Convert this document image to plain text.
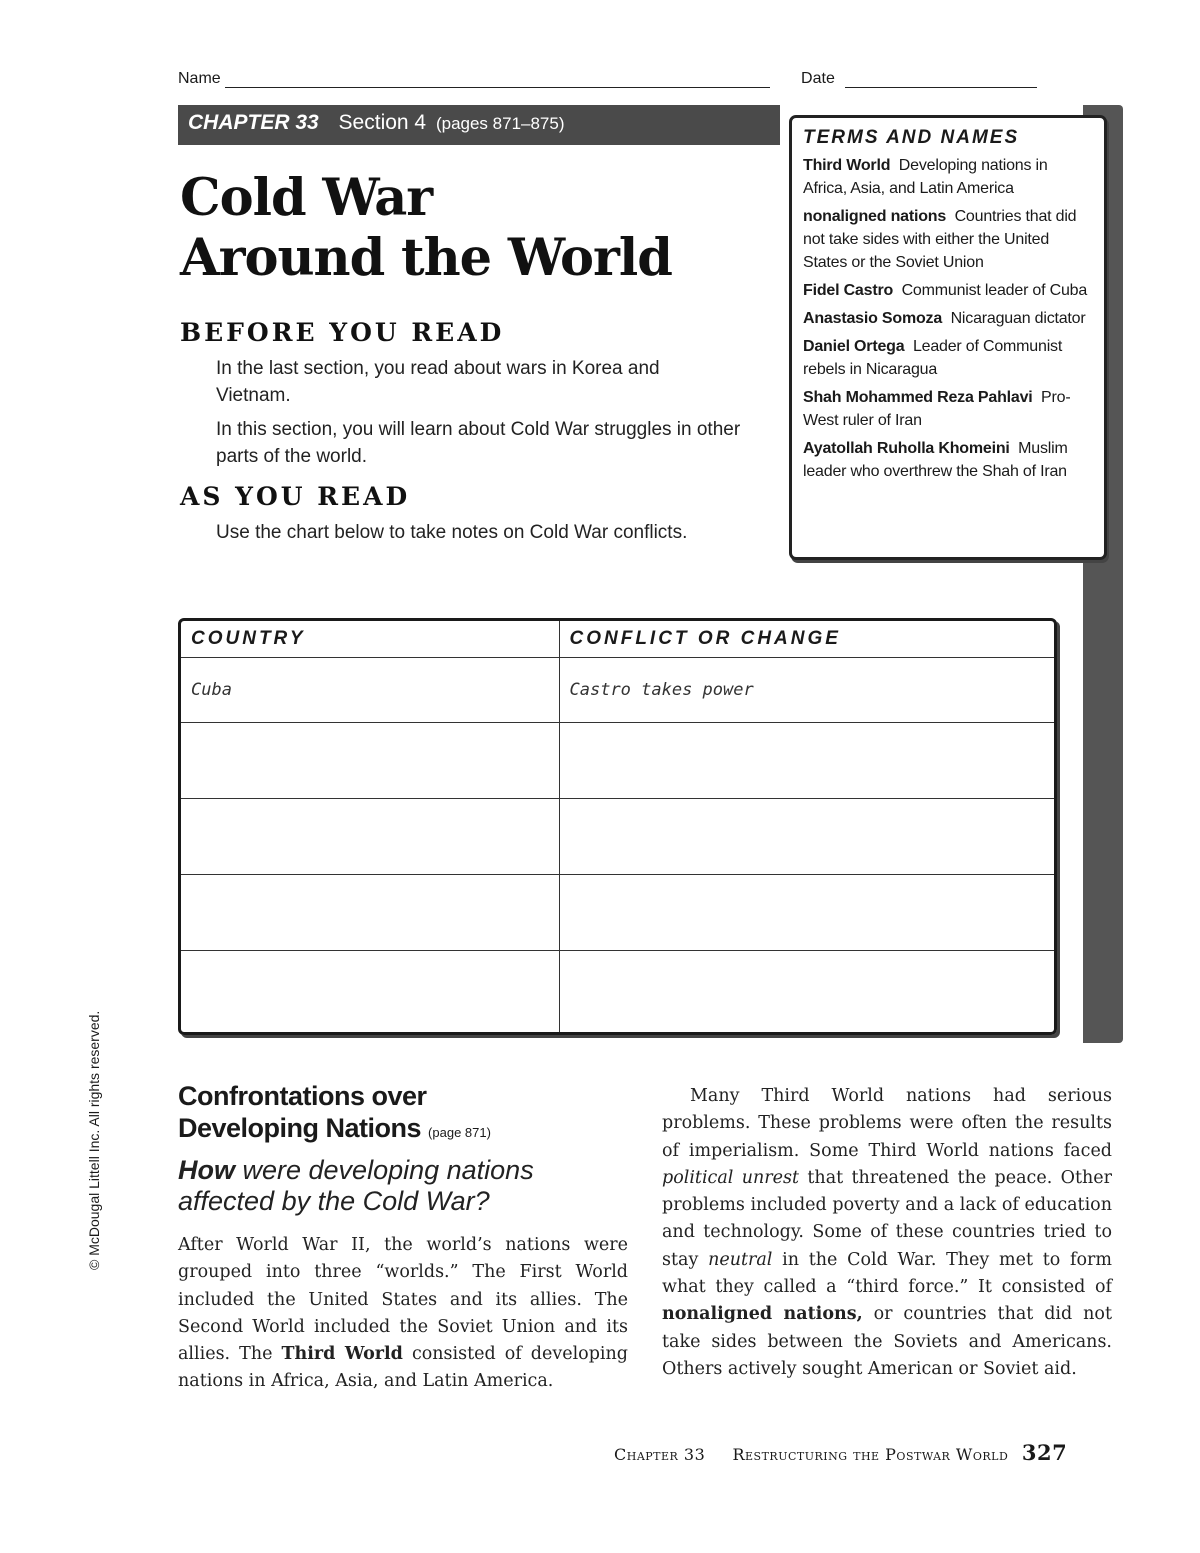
Name	Date
CHAPTER 33 Section 4 (pages 871–875)
Cold War
Around the World
BEFORE YOU READ
In the last section, you read about wars in Korea and Vietnam.
In this section, you will learn about Cold War struggles in other parts of the world.
AS YOU READ
Use the chart below to take notes on Cold War conflicts.
TERMS AND NAMES
Third World Developing nations in Africa, Asia, and Latin America
nonaligned nations Countries that did not take sides with either the United States or the Soviet Union
Fidel Castro Communist leader of Cuba
Anastasio Somoza Nicaraguan dictator
Daniel Ortega Leader of Communist rebels in Nicaragua
Shah Mohammed Reza Pahlavi Pro-West ruler of Iran
Ayatollah Ruholla Khomeini Muslim leader who overthrew the Shah of Iran
COUNTRY	CONFLICT OR CHANGE
Cuba	Castro takes power

© McDougal Littell Inc. All rights reserved.	Confrontations over
Developing Nations (page 871)
How were developing nations affected by the Cold War?
After World War II, the world’s nations were grouped into three “worlds.” The First World included the United States and its allies. The Second World included the Soviet Union and its allies. The Third World consisted of developing nations in Africa, Asia, and Latin America.
Many Third World nations had serious problems. These problems were often the results of imperialism. Some Third World nations faced political unrest that threatened the peace. Other problems included poverty and a lack of education and technology. Some of these countries tried to stay neutral in the Cold War. They met to form what they called a “third force.” It consisted of nonaligned nations, or countries that did not take sides between the Soviets and Americans. Others actively sought American or Soviet aid.
Chapter 33 Restructuring the Postwar World 327
